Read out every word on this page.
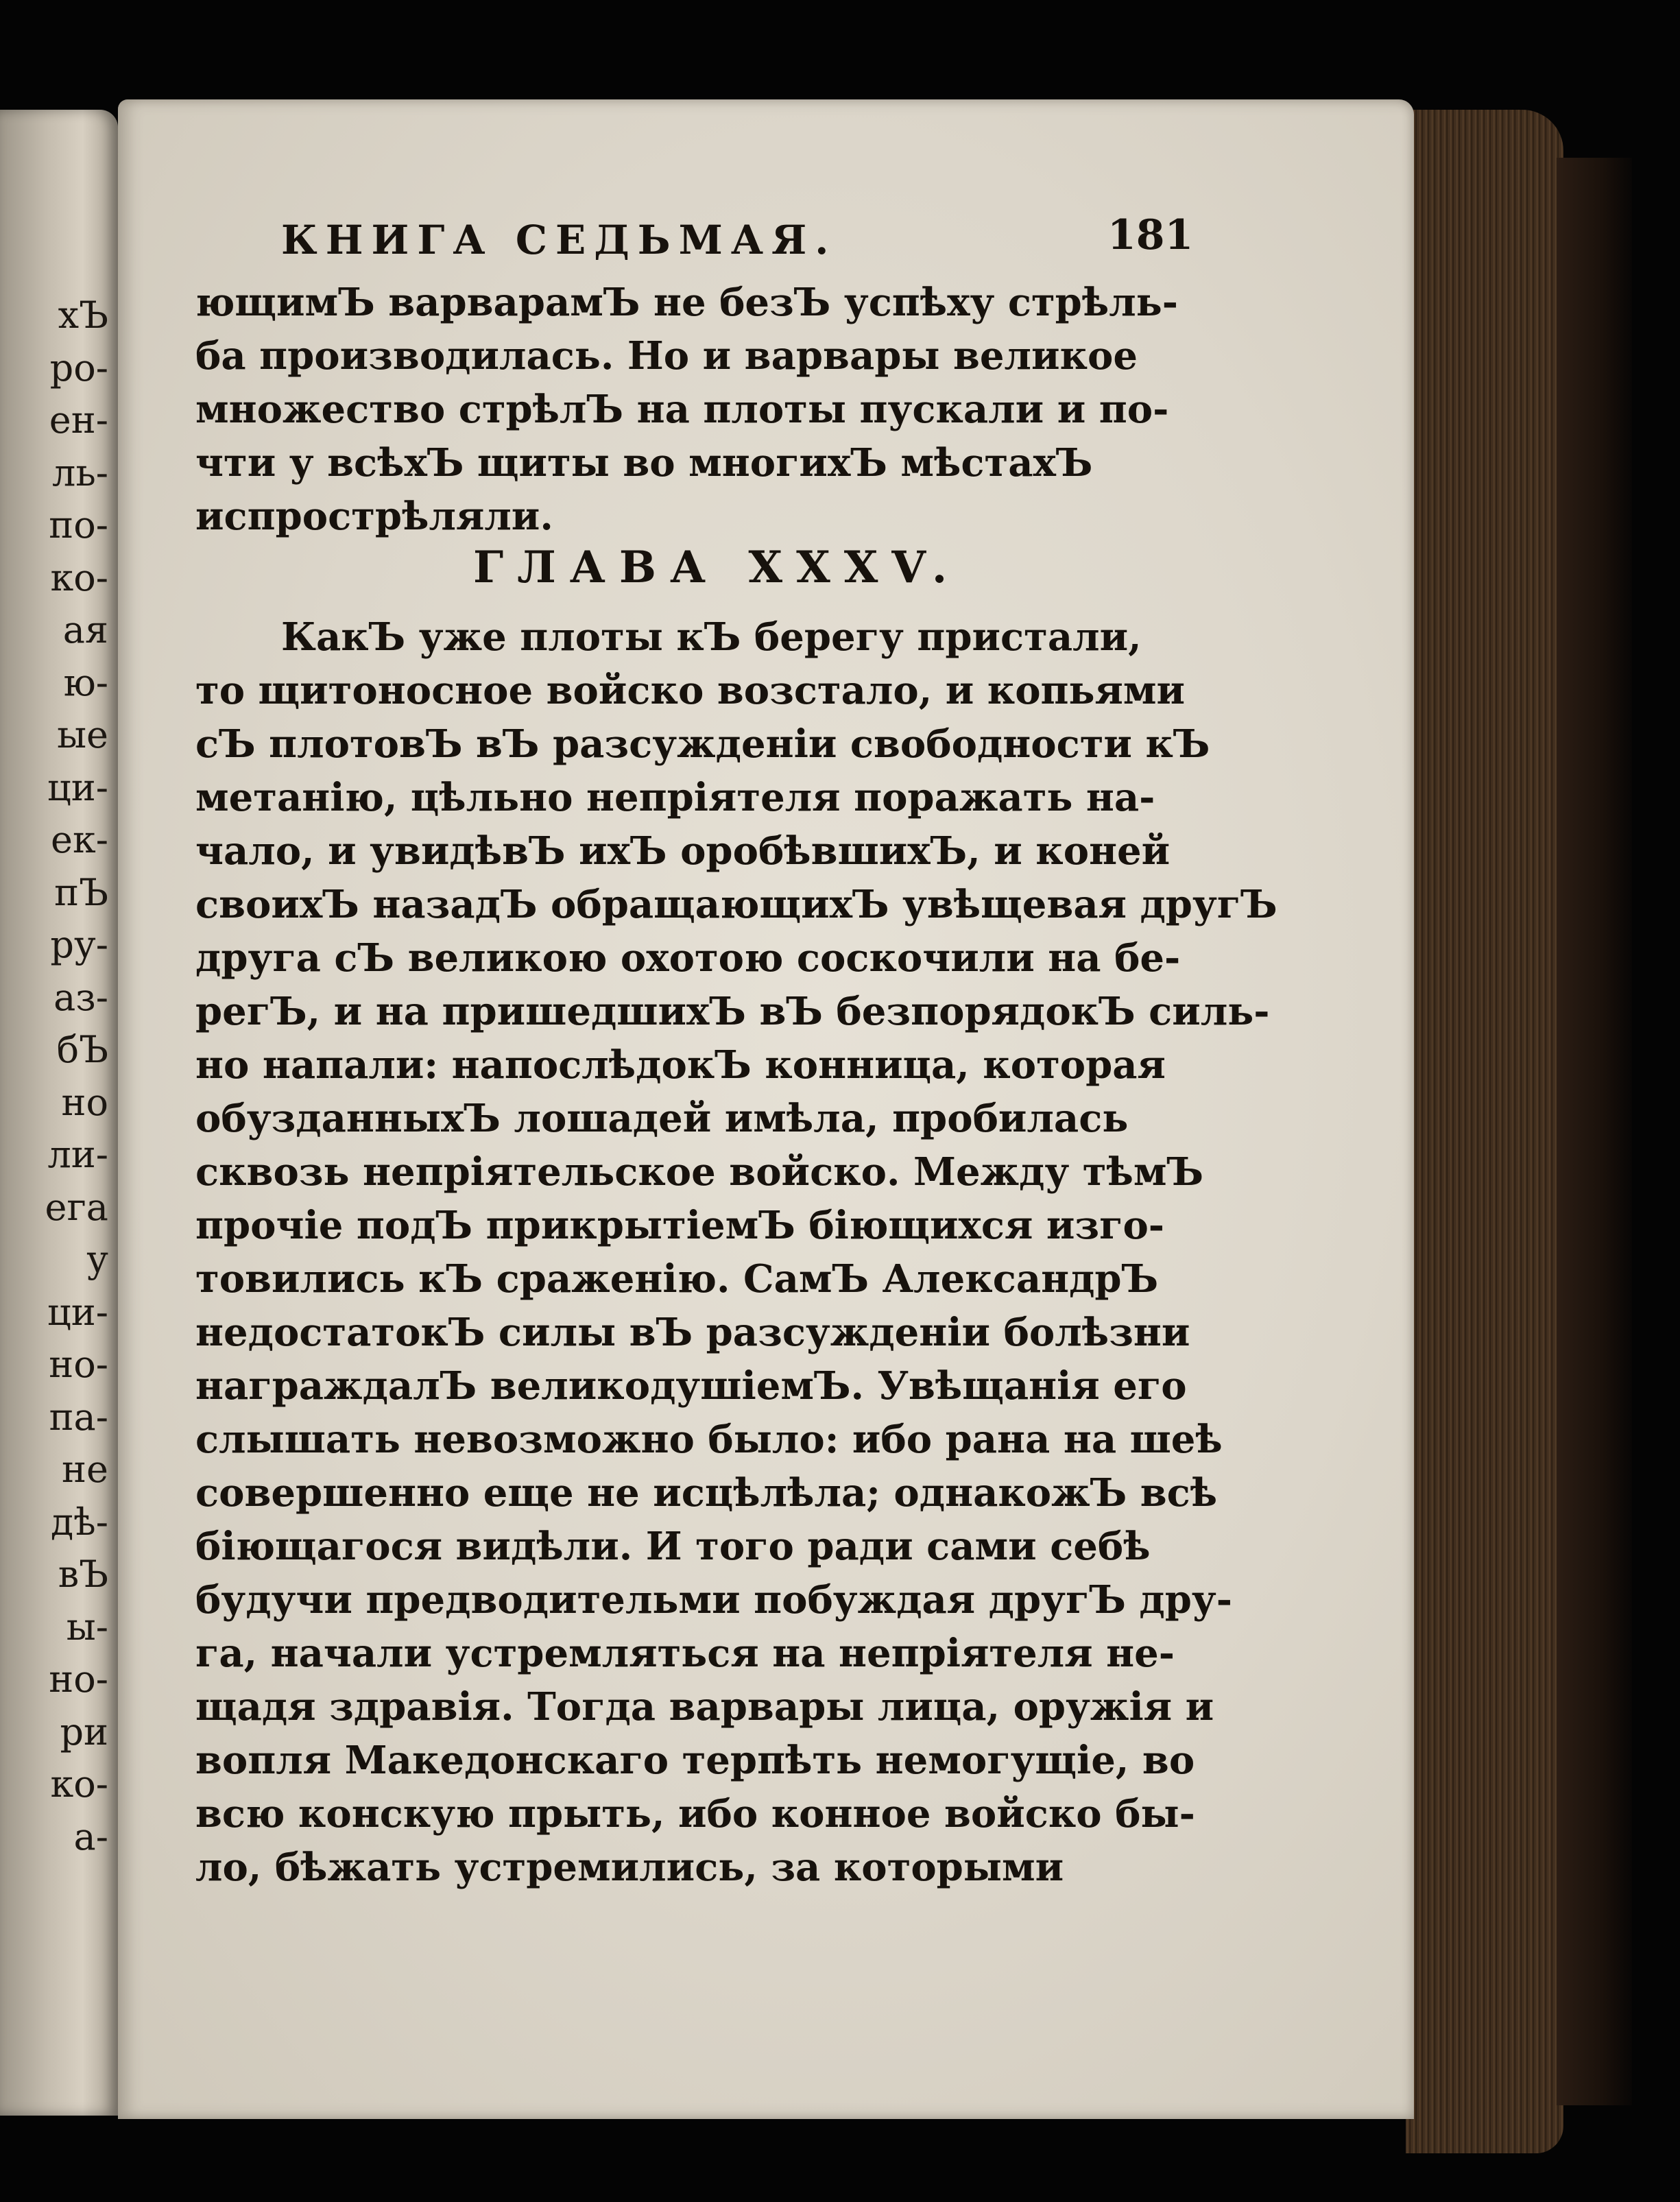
хЪ
ро-
ен-
ль-
по-
ко-
ая
ю-
ые
ци-
ек-
пЪ
ру-
аз-
бЪ
но
ли-
ега
у
ци-
но-
па-
не
дѣ-
вЪ
ы-
но-
ри
ко-
а-
КНИГА СЕДЬМАЯ.	181
ГЛАВА XXXV.
ющимЪ варварамЪ не безЪ успѣху стрѣль-
ба производилась. Но и варвары великое
множество стрѣлЪ на плоты пускали и по-
чти у всѣхЪ щиты во многихЪ мѣстахЪ
испрострѣляли.
КакЪ уже плоты кЪ берегу пристали,
то щитоносное войско возстало, и копьями
сЪ плотовЪ вЪ разсужденіи свободности кЪ
метанію, цѣльно непріятеля поражать на-
чало, и увидѣвЪ ихЪ оробѣвшихЪ, и коней
своихЪ назадЪ обращающихЪ увѣщевая другЪ
друга сЪ великою охотою соскочили на бе-
регЪ, и на пришедшихЪ вЪ безпорядокЪ силь-
но напали: напослѣдокЪ конница, которая
обузданныхЪ лошадей имѣла, пробилась
сквозь непріятельское войско. Между тѣмЪ
прочіе подЪ прикрытіемЪ біющихся изго-
товились кЪ сраженію. СамЪ АлександрЪ
недостатокЪ силы вЪ разсужденіи болѣзни
награждалЪ великодушіемЪ. Увѣщанія его
слышать невозможно было: ибо рана на шеѣ
совершенно еще не исцѣлѣла; однакожЪ всѣ
біющагося видѣли. И того ради сами себѣ
будучи предводительми побуждая другЪ дру-
га, начали устремляться на непріятеля не-
щадя здравія. Тогда варвары лица, оружія и
вопля Македонскаго терпѣть немогущіе, во
всю конскую прыть, ибо конное войско бы-
ло, бѣжать устремились, за которыми
